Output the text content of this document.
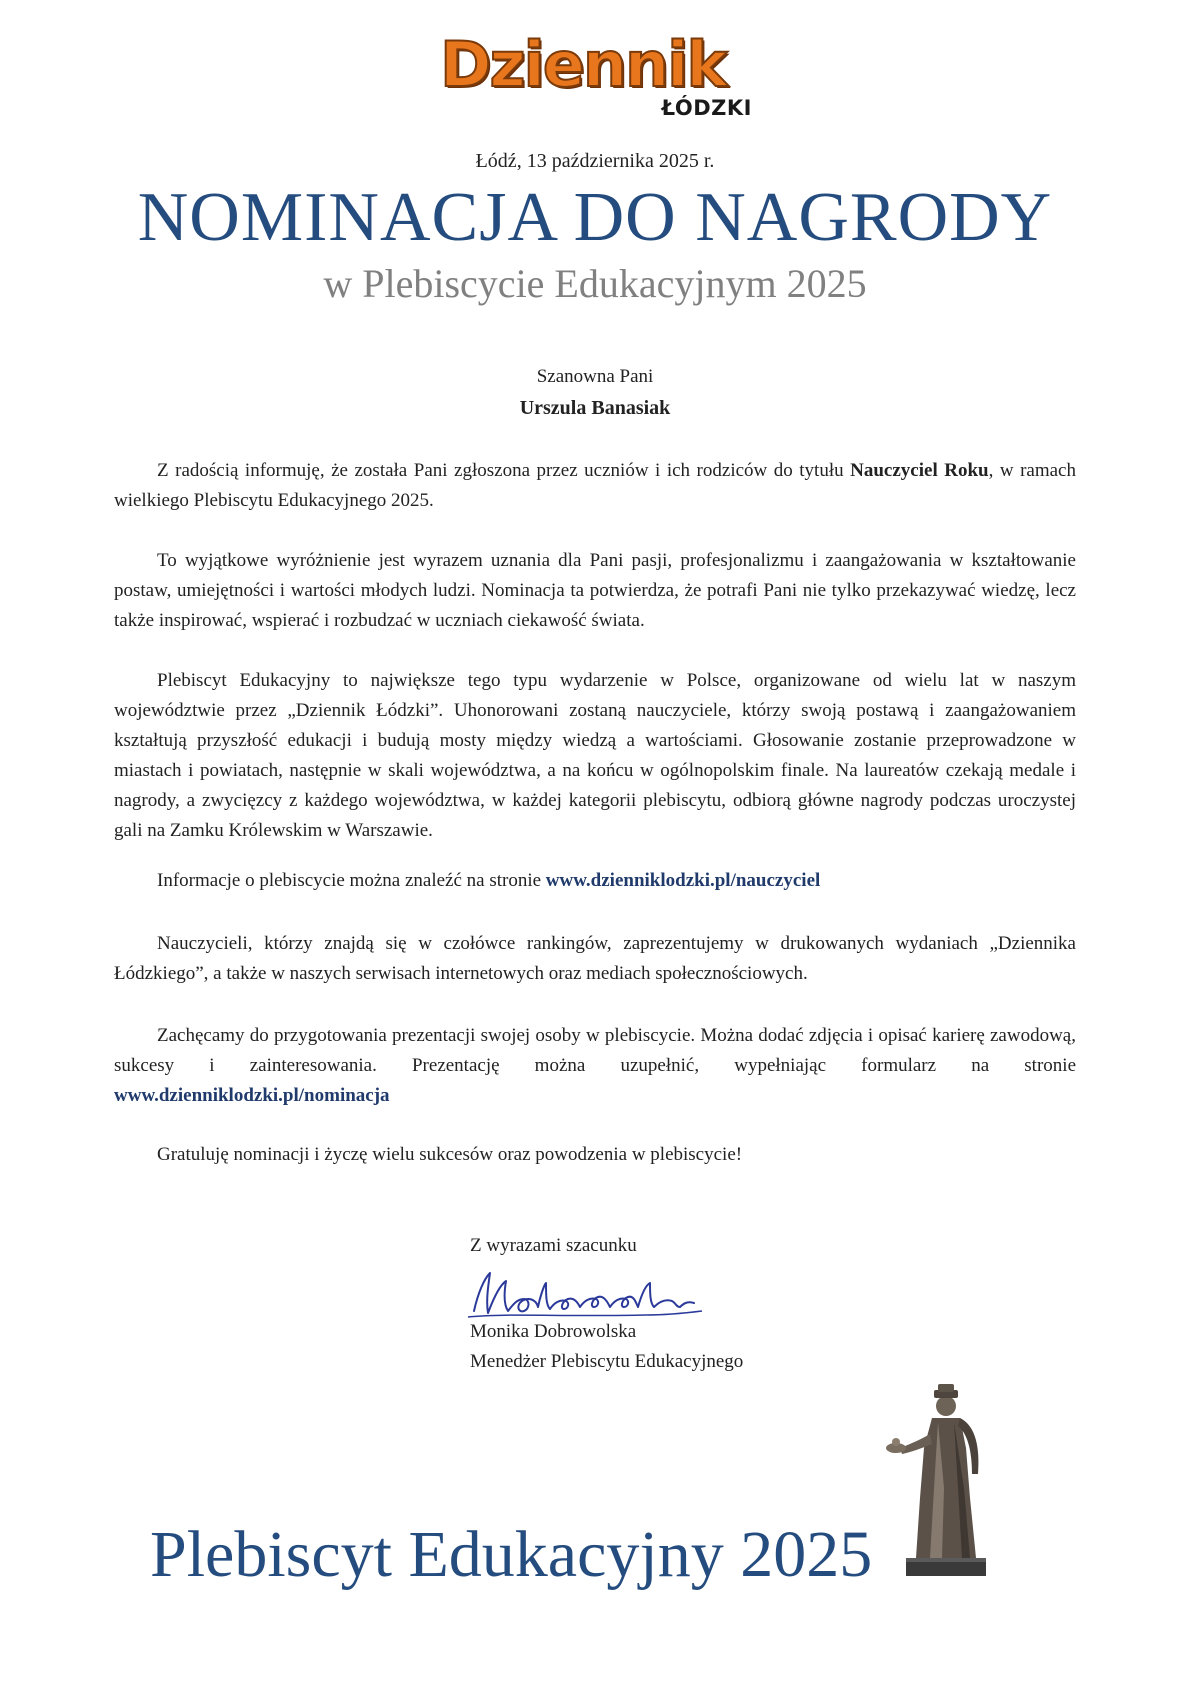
Dziennik
ŁÓDZKI
Łódź, 13 października 2025 r.
NOMINACJA DO NAGRODY
w Plebiscycie Edukacyjnym 2025
Szanowna Pani
Urszula Banasiak

Z radością informuję, że została Pani zgłoszona przez uczniów i ich rodziców do tytułu Nauczyciel Roku, w ramach wielkiego Plebiscytu Edukacyjnego 2025.

To wyjątkowe wyróżnienie jest wyrazem uznania dla Pani pasji, profesjonalizmu i zaangażowania w kształtowanie postaw, umiejętności i wartości młodych ludzi. Nominacja ta potwierdza, że potrafi Pani nie tylko przekazywać wiedzę, lecz także inspirować, wspierać i rozbudzać w uczniach ciekawość świata.

Plebiscyt Edukacyjny to największe tego typu wydarzenie w Polsce, organizowane od wielu lat w naszym województwie przez „Dziennik Łódzki”. Uhonorowani zostaną nauczyciele, którzy swoją postawą i zaangażowaniem kształtują przyszłość edukacji i budują mosty między wiedzą a wartościami. Głosowanie zostanie przeprowadzone w miastach i powiatach, następnie w skali województwa, a na końcu w ogólnopolskim finale. Na laureatów czekają medale i nagrody, a zwycięzcy z każdego województwa, w każdej kategorii plebiscytu, odbiorą główne nagrody podczas uroczystej gali na Zamku Królewskim w Warszawie.

Informacje o plebiscycie można znaleźć na stronie www.dzienniklodzki.pl/nauczyciel

Nauczycieli, którzy znajdą się w czołówce rankingów, zaprezentujemy w drukowanych wydaniach „Dziennika Łódzkiego”, a także w naszych serwisach internetowych oraz mediach społecznościowych.

Zachęcamy do przygotowania prezentacji swojej osoby w plebiscycie. Można dodać zdjęcia i opisać karierę zawodową, sukcesy i zainteresowania. Prezentację można uzupełnić, wypełniając formularz na stronie www.dzienniklodzki.pl/nominacja

Gratuluję nominacji i życzę wielu sukcesów oraz powodzenia w plebiscycie!

Z wyrazami szacunku
Monika Dobrowolska
Menedżer Plebiscytu Edukacyjnego
Plebiscyt Edukacyjny 2025
